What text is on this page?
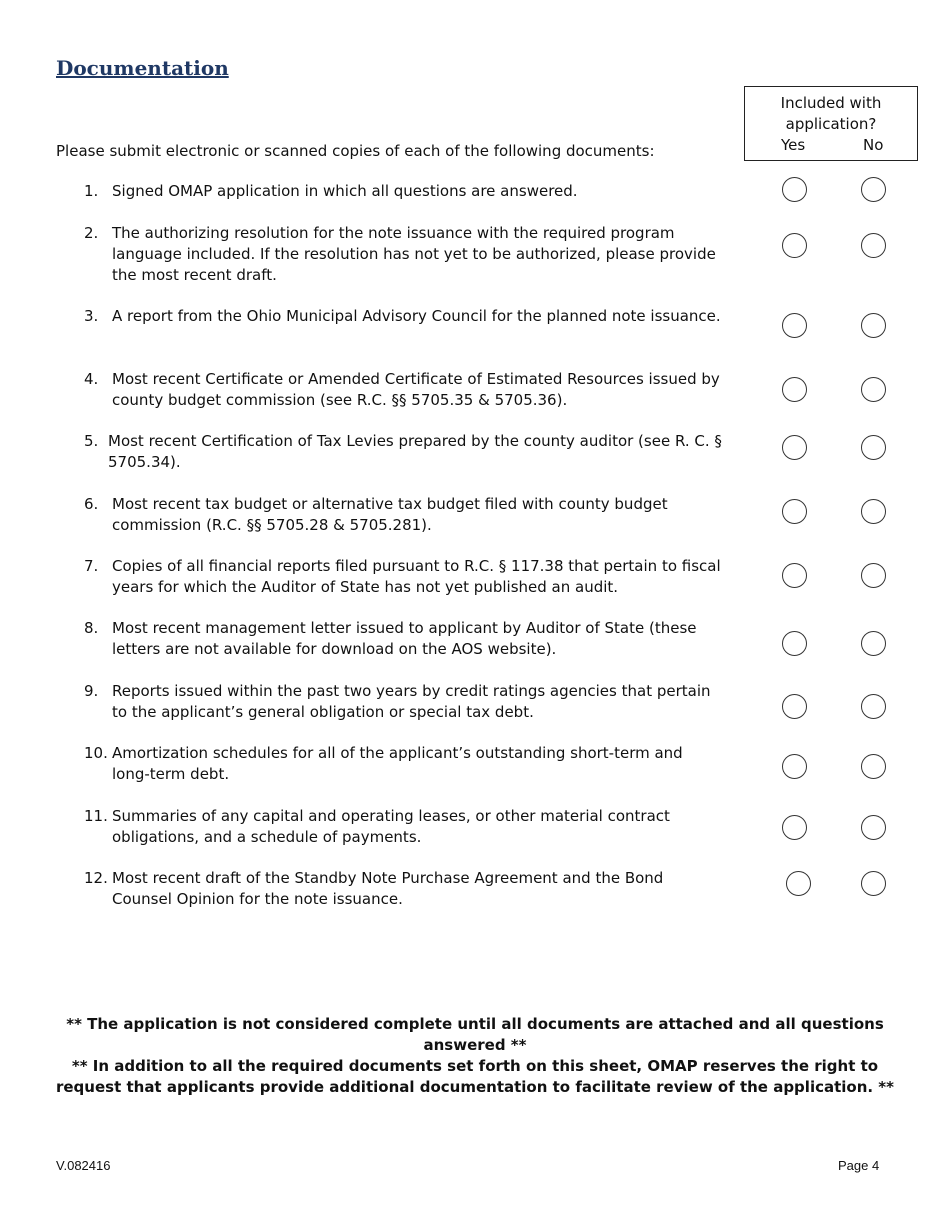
Documentation
Included with
application?
Yes	No
Please submit electronic or scanned copies of each of the following documents:
1. Signed OMAP application in which all questions are answered.
2. The authorizing resolution for the note issuance with the required program language included. If the resolution has not yet to be authorized, please provide the most recent draft.
3. A report from the Ohio Municipal Advisory Council for the planned note issuance.
4. Most recent Certificate or Amended Certificate of Estimated Resources issued by county budget commission (see R.C. §§ 5705.35 & 5705.36).
5. Most recent Certification of Tax Levies prepared by the county auditor (see R. C. § 5705.34).
6. Most recent tax budget or alternative tax budget filed with county budget commission (R.C. §§ 5705.28 & 5705.281).
7. Copies of all financial reports filed pursuant to R.C. § 117.38 that pertain to fiscal years for which the Auditor of State has not yet published an audit.
8. Most recent management letter issued to applicant by Auditor of State (these letters are not available for download on the AOS website).
9. Reports issued within the past two years by credit ratings agencies that pertain to the applicant’s general obligation or special tax debt.
10. Amortization schedules for all of the applicant’s outstanding short-term and long-term debt.
11. Summaries of any capital and operating leases, or other material contract obligations, and a schedule of payments.
12. Most recent draft of the Standby Note Purchase Agreement and the Bond Counsel Opinion for the note issuance.
** The application is not considered complete until all documents are attached and all questions answered **
** In addition to all the required documents set forth on this sheet, OMAP reserves the right to request that applicants provide additional documentation to facilitate review of the application. **
V.082416	Page 4
